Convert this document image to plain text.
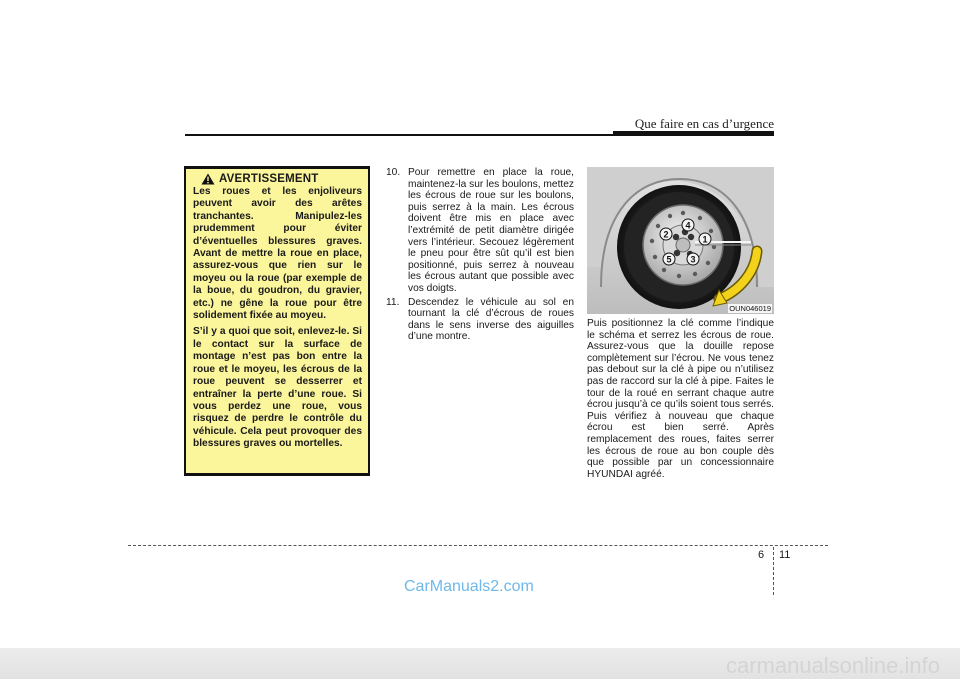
Que faire en cas d’urgence
AVERTISSEMENT

Les roues et les enjoliveurs peuvent avoir des arêtes tranchantes. Manipulez-les prudemment pour éviter d’éventuelles blessures graves. Avant de mettre la roue en place, assurez-vous que rien sur le moyeu ou la roue (par exemple de la boue, du goudron, du gravier, etc.) ne gêne la roue pour être solidement fixée au moyeu.

S’il y a quoi que soit, enlevez-le. Si le contact sur la surface de montage n’est pas bon entre la roue et le moyeu, les écrous de la roue peuvent se desserrer et entraîner la perte d’une roue. Si vous perdez une roue, vous risquez de perdre le contrôle du véhicule. Cela peut provoquer des blessures graves ou mortelles.

10. Pour remettre en place la roue, maintenez-la sur les boulons, mettez les écrous de roue sur les boulons, puis serrez à la main. Les écrous doivent être mis en place avec l’extrémité de petit diamètre dirigée vers l’intérieur. Secouez légèrement le pneu pour être sût qu’il est bien positionné, puis serrez à nouveau les écrous autant que possible avec vos doigts.
11. Descendez le véhicule au sol en tournant la clé d’écrous de roues dans le sens inverse des aiguilles d’une montre.
1
2
3
4
5
OUN046019

Puis positionnez la clé comme l’indique le schéma et serrez les écrous de roue. Assurez-vous que la douille repose complètement sur l’écrou. Ne vous tenez pas debout sur la clé à pipe ou n’utilisez pas de raccord sur la clé à pipe. Faites le tour de la roué en serrant chaque autre écrou jusqu’à ce qu’ils soient tous serrés. Puis vérifiez à nouveau que chaque écrou est bien serré. Après remplacement des roues, faites serrer les écrous de roue au bon couple dès que possible par un concessionnaire HYUNDAI agréé.

6 11
CarManuals2.com
carmanualsonline.info
